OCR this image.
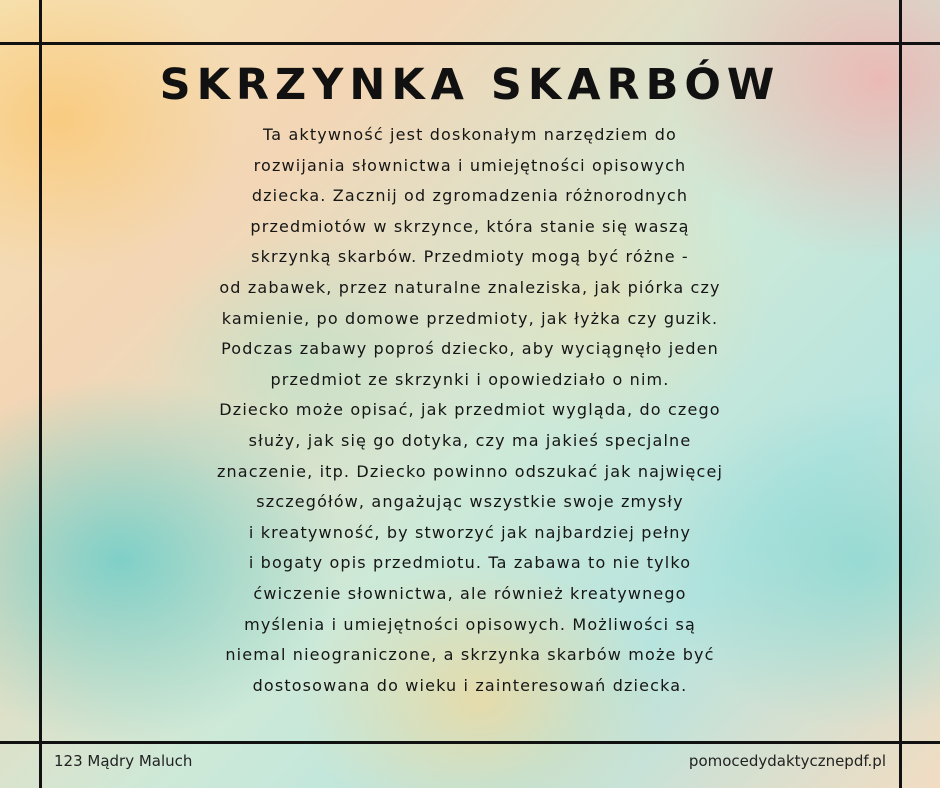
SKRZYNKA SKARBÓW
Ta aktywność jest doskonałym narzędziem do
rozwijania słownictwa i umiejętności opisowych
dziecka. Zacznij od zgromadzenia różnorodnych
przedmiotów w skrzynce, która stanie się waszą
skrzynką skarbów. Przedmioty mogą być różne -
od zabawek, przez naturalne znaleziska, jak piórka czy
kamienie, po domowe przedmioty, jak łyżka czy guzik.
Podczas zabawy poproś dziecko, aby wyciągnęło jeden
przedmiot ze skrzynki i opowiedziało o nim.
Dziecko może opisać, jak przedmiot wygląda, do czego
służy, jak się go dotyka, czy ma jakieś specjalne
znaczenie, itp. Dziecko powinno odszukać jak najwięcej
szczegółów, angażując wszystkie swoje zmysły
i kreatywność, by stworzyć jak najbardziej pełny
i bogaty opis przedmiotu. Ta zabawa to nie tylko
ćwiczenie słownictwa, ale również kreatywnego
myślenia i umiejętności opisowych. Możliwości są
niemal nieograniczone, a skrzynka skarbów może być
dostosowana do wieku i zainteresowań dziecka.
123 Mądry Maluch	pomocedydaktycznepdf.pl
